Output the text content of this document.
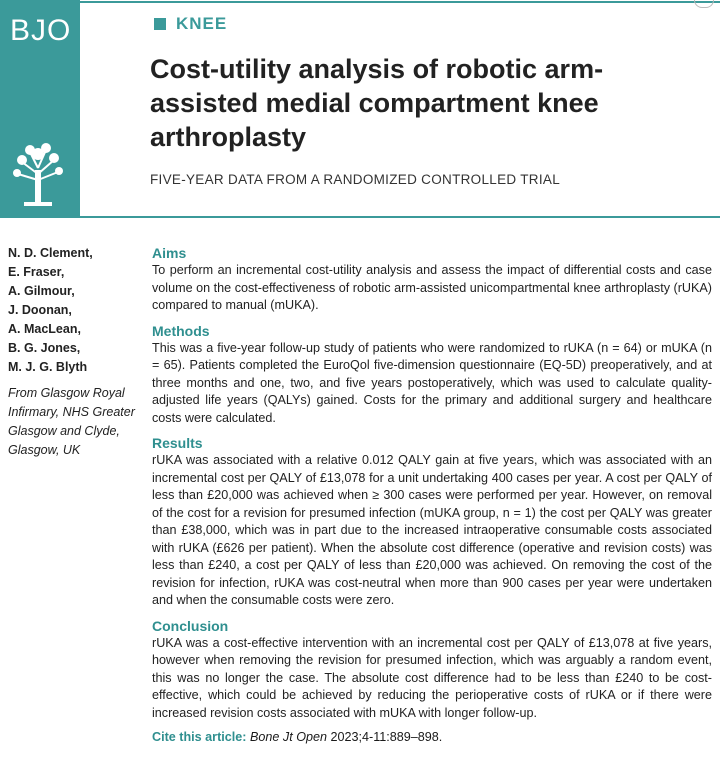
BJO	KNEE
Cost-utility analysis of robotic arm-assisted medial compartment knee arthroplasty
FIVE-YEAR DATA FROM A RANDOMIZED CONTROLLED TRIAL
N. D. Clement,
E. Fraser,
A. Gilmour,
J. Doonan,
A. MacLean,
B. G. Jones,
M. J. G. Blyth
From Glasgow Royal Infirmary, NHS Greater Glasgow and Clyde, Glasgow, UK
Aims

To perform an incremental cost-utility analysis and assess the impact of differential costs and case volume on the cost-effectiveness of robotic arm-assisted unicompartmental knee arthroplasty (rUKA) compared to manual (mUKA).

Methods

This was a five-year follow-up study of patients who were randomized to rUKA (n = 64) or mUKA (n = 65). Patients completed the EuroQol five-dimension questionnaire (EQ-5D) preoperatively, and at three months and one, two, and five years postoperatively, which was used to calculate quality-adjusted life years (QALYs) gained. Costs for the primary and additional surgery and healthcare costs were calculated.

Results

rUKA was associated with a relative 0.012 QALY gain at five years, which was associated with an incremental cost per QALY of £13,078 for a unit undertaking 400 cases per year. A cost per QALY of less than £20,000 was achieved when ≥ 300 cases were performed per year. However, on removal of the cost for a revision for presumed infection (mUKA group, n = 1) the cost per QALY was greater than £38,000, which was in part due to the increased intraoperative consumable costs associated with rUKA (£626 per patient). When the absolute cost difference (operative and revision costs) was less than £240, a cost per QALY of less than £20,000 was achieved. On removing the cost of the revision for infection, rUKA was cost-neutral when more than 900 cases per year were undertaken and when the consumable costs were zero.

Conclusion

rUKA was a cost-effective intervention with an incremental cost per QALY of £13,078 at five years, however when removing the revision for presumed infection, which was arguably a random event, this was no longer the case. The absolute cost difference had to be less than £240 to be cost-effective, which could be achieved by reducing the perioperative costs of rUKA or if there were increased revision costs associated with mUKA with longer follow-up.

Cite this article: Bone Jt Open 2023;4-11:889–898.
